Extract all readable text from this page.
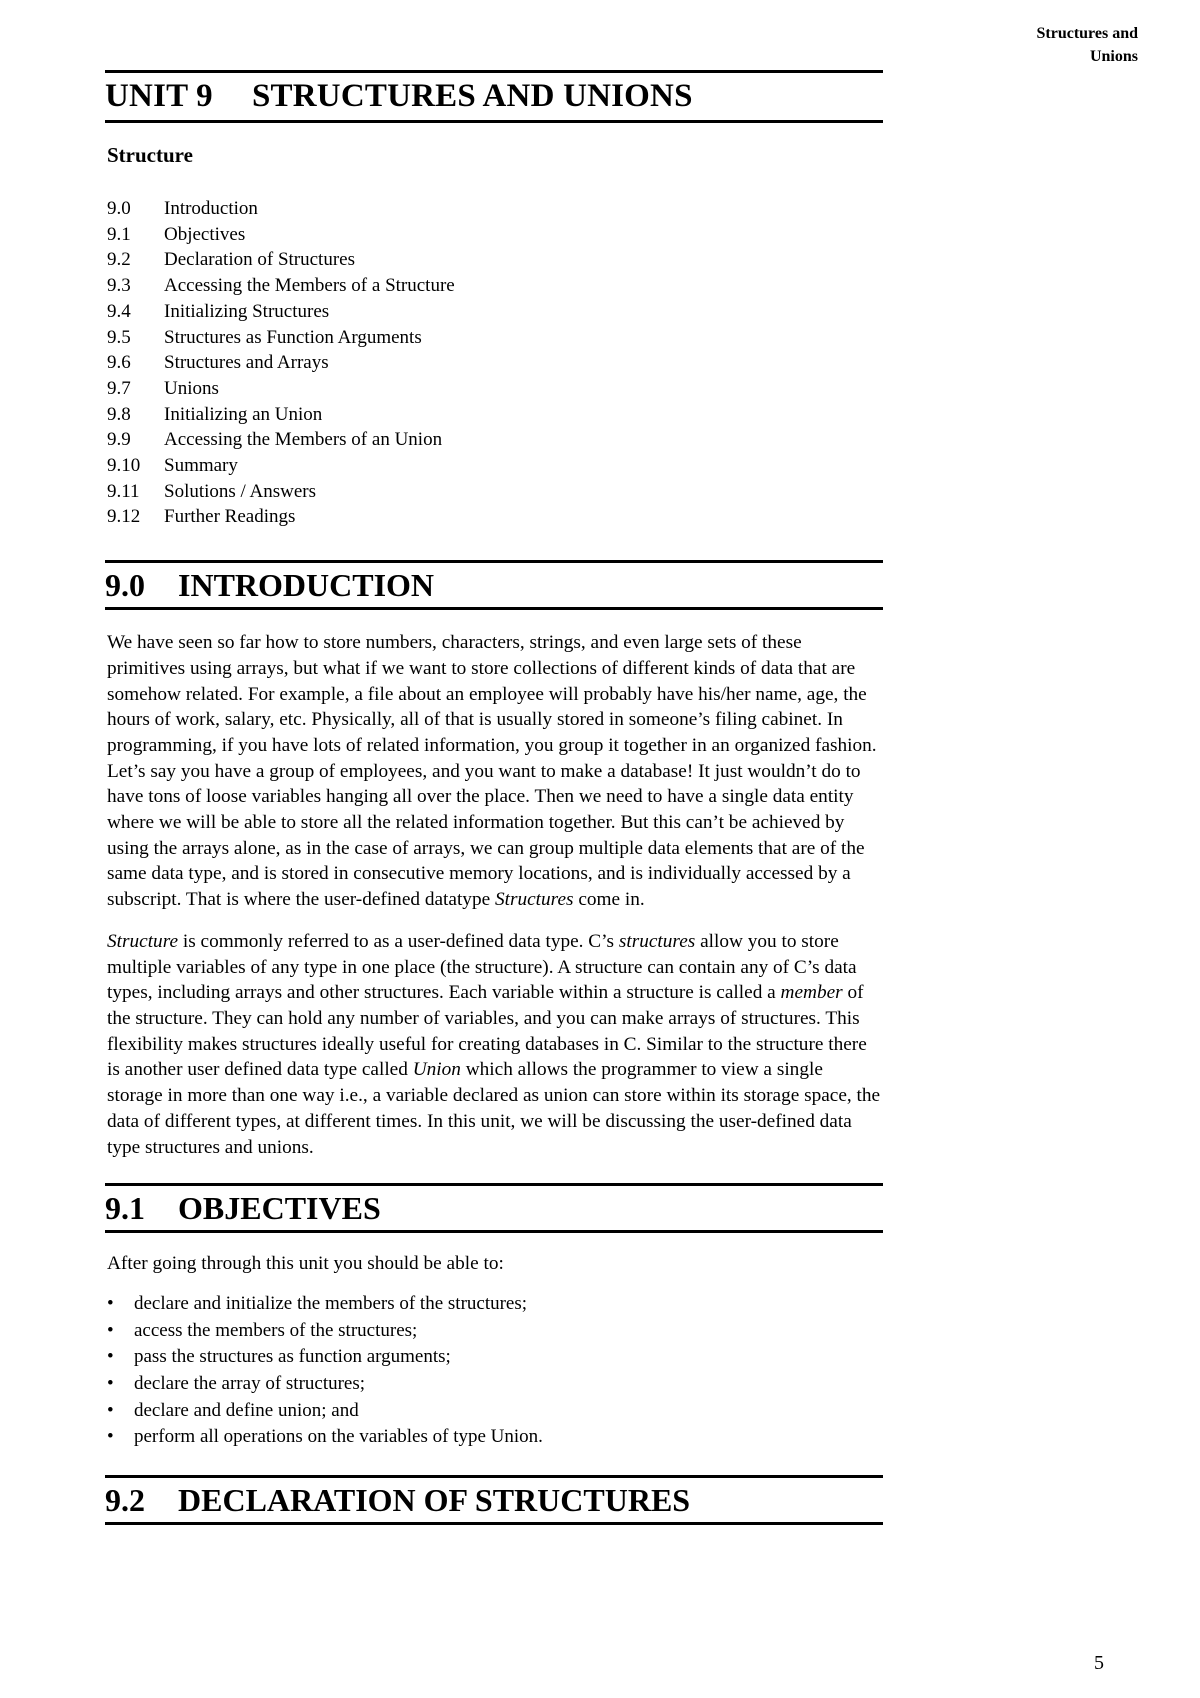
Structures and
Unions
UNIT 9	STRUCTURES AND UNIONS
Structure
9.0	Introduction
9.1	Objectives
9.2	Declaration of Structures
9.3	Accessing the Members of a Structure
9.4	Initializing Structures
9.5	Structures as Function Arguments
9.6	Structures and Arrays
9.7	Unions
9.8	Initializing an Union
9.9	Accessing the Members of an Union
9.10	Summary
9.11	Solutions / Answers
9.12	Further Readings
9.0	INTRODUCTION

We have seen so far how to store numbers, characters, strings, and even large sets of these primitives using arrays, but what if we want to store collections of different kinds of data that are somehow related. For example, a file about an employee will probably have his/her name, age, the hours of work, salary, etc. Physically, all of that is usually stored in someone’s filing cabinet. In programming, if you have lots of related information, you group it together in an organized fashion. Let’s say you have a group of employees, and you want to make a database! It just wouldn’t do to have tons of loose variables hanging all over the place. Then we need to have a single data entity where we will be able to store all the related information together. But this can’t be achieved by using the arrays alone, as in the case of arrays, we can group multiple data elements that are of the same data type, and is stored in consecutive memory locations, and is individually accessed by a subscript. That is where the user-defined datatype Structures come in.

Structure is commonly referred to as a user-defined data type. C’s structures allow you to store multiple variables of any type in one place (the structure). A structure can contain any of C’s data types, including arrays and other structures. Each variable within a structure is called a member of the structure. They can hold any number of variables, and you can make arrays of structures. This flexibility makes structures ideally useful for creating databases in C. Similar to the structure there is another user defined data type called Union which allows the programmer to view a single storage in more than one way i.e., a variable declared as union can store within its storage space, the data of different types, at different times. In this unit, we will be discussing the user-defined data type structures and unions.

9.1	OBJECTIVES

After going through this unit you should be able to:

•	declare and initialize the members of the structures;
•	access the members of the structures;
•	pass the structures as function arguments;
•	declare the array of structures;
•	declare and define union; and
•	perform all operations on the variables of type Union.
9.2	DECLARATION OF STRUCTURES
5
